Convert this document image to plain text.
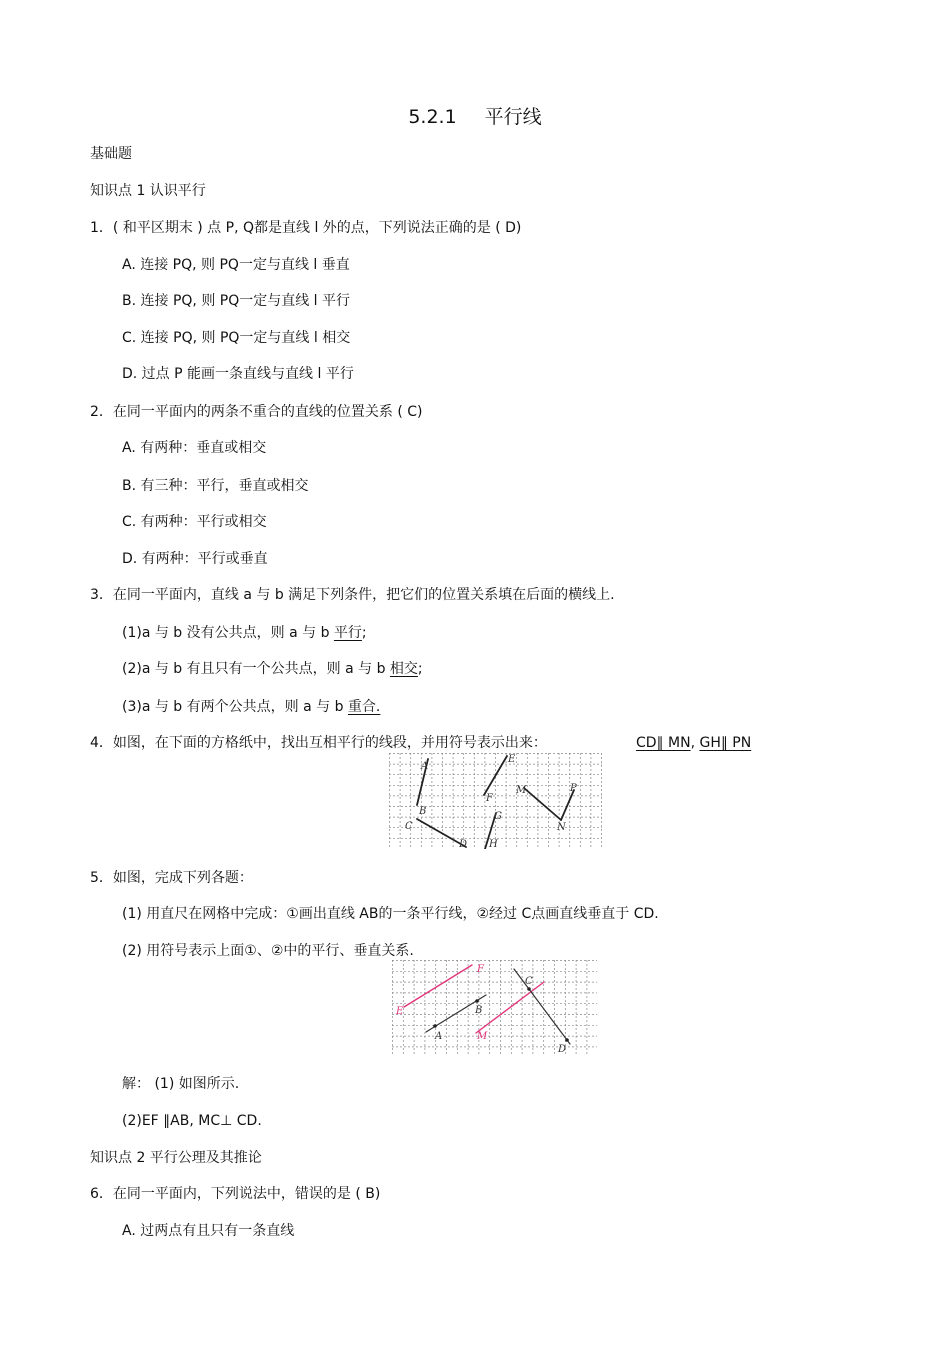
5.2.1 平行线
基础题
知识点 1 认识平行
1．( 和平区期末 ) 点 P, Q都是直线 l 外的点，下列说法正确的是 ( D)
A. 连接 PQ, 则 PQ一定与直线 l 垂直
B. 连接 PQ, 则 PQ一定与直线 l 平行
C. 连接 PQ, 则 PQ一定与直线 l 相交
D. 过点 P 能画一条直线与直线 l 平行
2．在同一平面内的两条不重合的直线的位置关系 ( C)
A. 有两种：垂直或相交
B. 有三种：平行，垂直或相交
C. 有两种：平行或相交
D. 有两种：平行或垂直
3．在同一平面内，直线 a 与 b 满足下列条件，把它们的位置关系填在后面的横线上.
(1)a 与 b 没有公共点，则 a 与 b 平行;
(2)a 与 b 有且只有一个公共点，则 a 与 b 相交;
(3)a 与 b 有两个公共点，则 a 与 b 重合.
4．如图，在下面的方格纸中，找出互相平行的线段，并用符号表示出来：	CD∥ MN, GH∥ PN
A
B
C
D
E
F
G
H
M
N
P
5．如图，完成下列各题：
(1) 用直尺在网格中完成：①画出直线 AB的一条平行线，②经过 C点画直线垂直于 CD.
(2) 用符号表示上面①、②中的平行、垂直关系.
A
B
C
D
E
F
M
解： (1) 如图所示.
(2)EF ∥AB, MC⊥ CD.
知识点 2 平行公理及其推论
6．在同一平面内，下列说法中，错误的是 ( B)
A. 过两点有且只有一条直线
